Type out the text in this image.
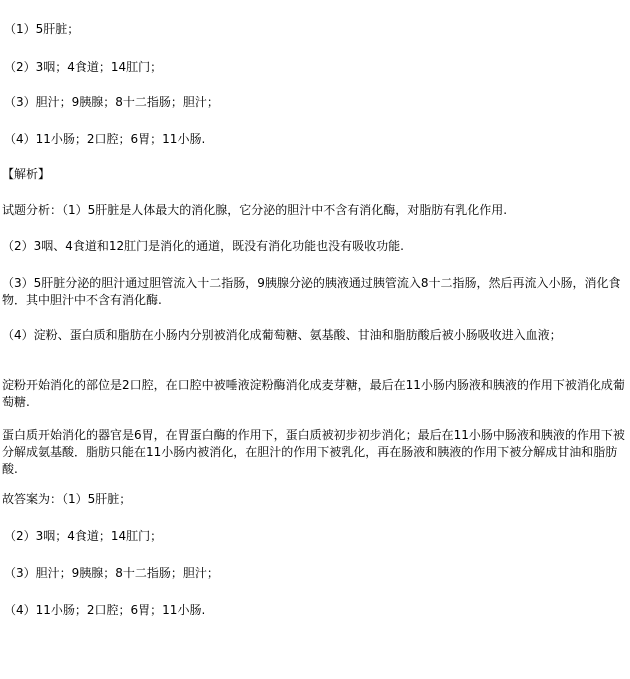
（1）5肝脏；
（2）3咽；4食道；14肛门；
（3）胆汁；9胰腺；8十二指肠；胆汁；
（4）11小肠；2口腔；6胃；11小肠.
【解析】
试题分析：（1）5肝脏是人体最大的消化腺，它分泌的胆汁中不含有消化酶，对脂肪有乳化作用.
（2）3咽、4食道和12肛门是消化的通道，既没有消化功能也没有吸收功能.
（3）5肝脏分泌的胆汁通过胆管流入十二指肠，9胰腺分泌的胰液通过胰管流入8十二指肠，然后再流入小肠，消化食物．其中胆汁中不含有消化酶.
（4）淀粉、蛋白质和脂肪在小肠内分别被消化成葡萄糖、氨基酸、甘油和脂肪酸后被小肠吸收进入血液；
淀粉开始消化的部位是2口腔，在口腔中被唾液淀粉酶消化成麦芽糖，最后在11小肠内肠液和胰液的作用下被消化成葡萄糖.
蛋白质开始消化的器官是6胃，在胃蛋白酶的作用下，蛋白质被初步初步消化；最后在11小肠中肠液和胰液的作用下被分解成氨基酸．脂肪只能在11小肠内被消化，在胆汁的作用下被乳化，再在肠液和胰液的作用下被分解成甘油和脂肪酸.
故答案为：（1）5肝脏；
（2）3咽；4食道；14肛门；
（3）胆汁；9胰腺；8十二指肠；胆汁；
（4）11小肠；2口腔；6胃；11小肠.
